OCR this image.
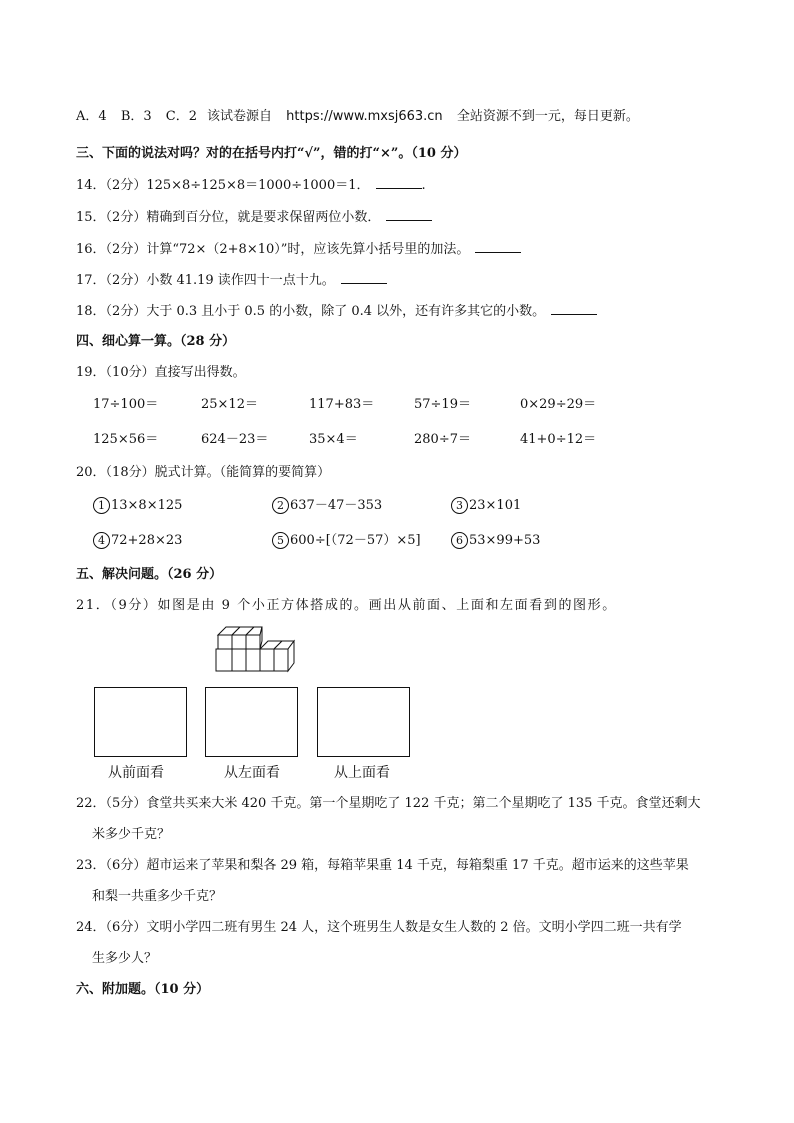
A．4 B．3 C．2 该试卷源自 https://www.mxsj663.cn 全站资源不到一元，每日更新。
三、下面的说法对吗？对的在括号内打“√”，错的打“×”。（10 分）
14．（2分）125×8÷125×8＝1000÷1000＝1．	.
15．（2分）精确到百分位，就是要求保留两位小数．
16．（2分）计算“72×（2+8×10）”时，应该先算小括号里的加法。
17．（2分）小数 41.19 读作四十一点十九。
18．（2分）大于 0.3 且小于 0.5 的小数，除了 0.4 以外，还有许多其它的小数。
四、细心算一算。（28 分）
19．（10分）直接写出得数。
17÷100＝	25×12＝	117+83＝	57÷19＝	0×29÷29＝
125×56＝	624－23＝	35×4＝	280÷7＝	41+0÷12＝
20．（18分）脱式计算。（能简算的要简算）
1 13×8×125	2 637－47－353	3 23×101
4 72+28×23	5 600÷[（72－57）×5]	6 53×99+53
五、解决问题。（26 分）
21．（9分）如图是由 9 个小正方体搭成的。画出从前面、上面和左面看到的图形。
从前面看	从左面看	从上面看
22．（5分）食堂共买来大米 420 千克。第一个星期吃了 122 千克；第二个星期吃了 135 千克。食堂还剩大
米多少千克？
23．（6分）超市运来了苹果和梨各 29 箱，每箱苹果重 14 千克，每箱梨重 17 千克。超市运来的这些苹果
和梨一共重多少千克？
24．（6分）文明小学四二班有男生 24 人，这个班男生人数是女生人数的 2 倍。文明小学四二班一共有学
生多少人？
六、附加题。（10 分）
